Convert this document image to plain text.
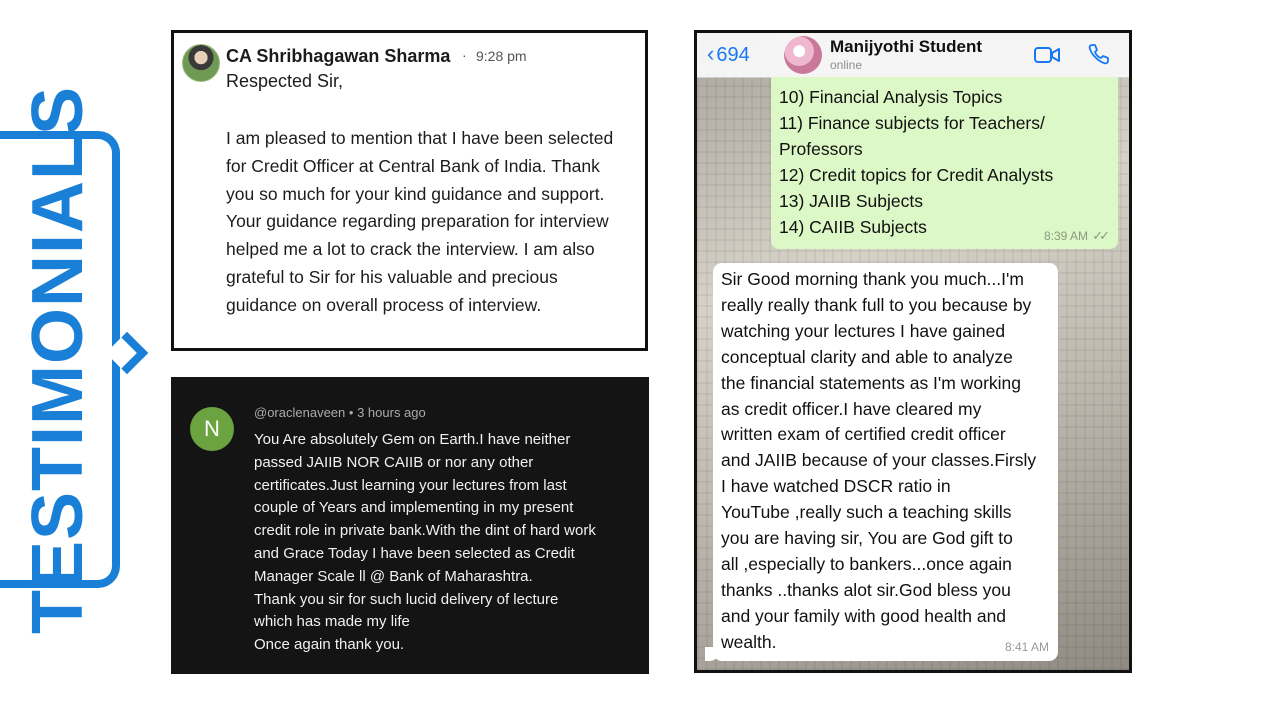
TESTIMONIALS
CA Shribhagawan Sharma · 9:28 pm
Respected Sir,
I am pleased to mention that I have been selected for Credit Officer at Central Bank of India. Thank you so much for your kind guidance and support. Your guidance regarding preparation for interview helped me a lot to crack the interview. I am also grateful to Sir for his valuable and precious guidance on overall process of interview.
N
@oraclenaveen • 3 hours ago
You Are absolutely Gem on Earth.I have neither
passed JAIIB NOR CAIIB or nor any other
certificates.Just learning your lectures from last
couple of Years and implementing in my present
credit role in private bank.With the dint of hard work
and Grace Today I have been selected as Credit
Manager Scale ll @ Bank of Maharashtra.
Thank you sir for such lucid delivery of lecture
which has made my life
Once again thank you.
‹ 694	Manijyothi Student
online
10) Financial Analysis Topics
11) Finance subjects for Teachers/
Professors
12) Credit topics for Credit Analysts
13) JAIIB Subjects
14) CAIIB Subjects	8:39 AM ✓✓
Sir Good morning thank you much...I'm
really really thank full to you because by
watching your lectures I have gained
conceptual clarity and able to analyze
the financial statements as I'm working
as credit officer.I have cleared my
written exam of certified credit officer
and JAIIB because of your classes.Firsly
I have watched DSCR ratio in
YouTube ,really such a teaching skills
you are having sir, You are God gift to
all ,especially to bankers...once again
thanks ..thanks alot sir.God bless you
and your family with good health and
wealth.	8:41 AM
